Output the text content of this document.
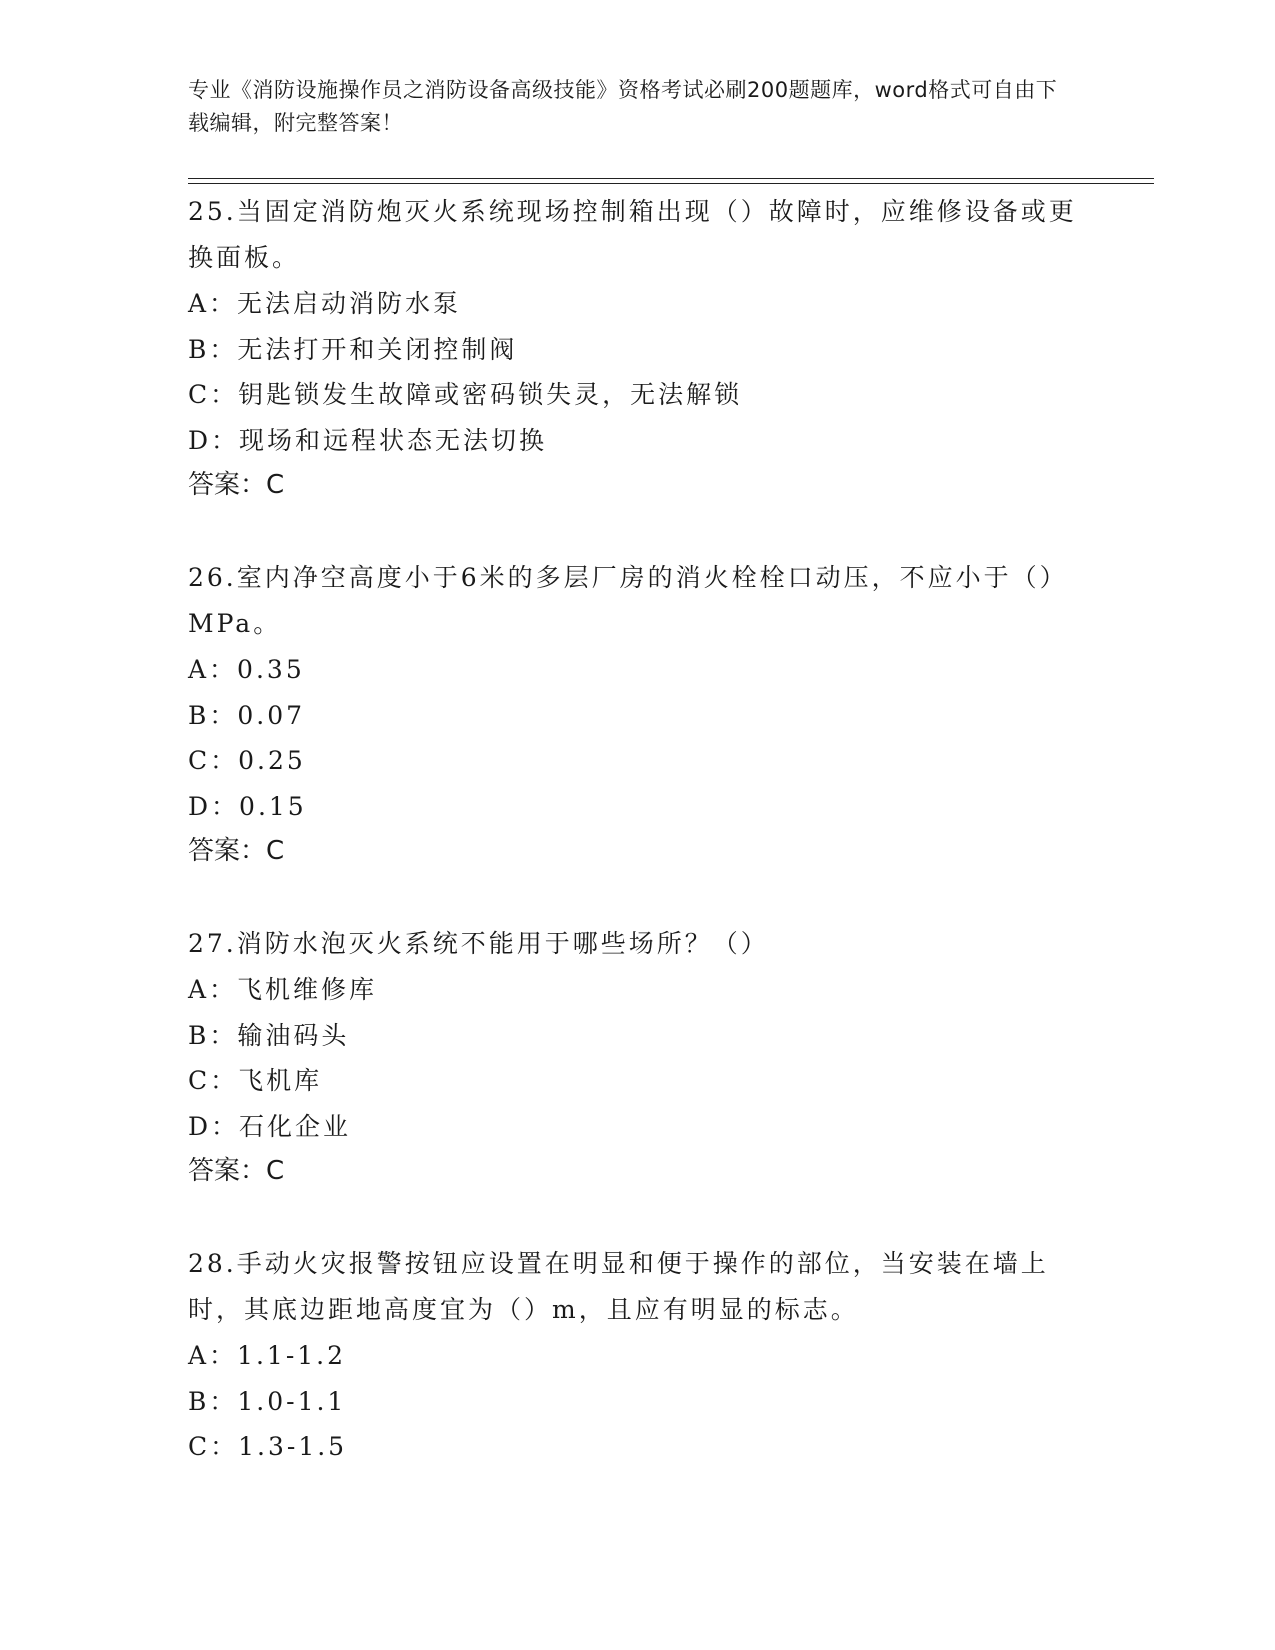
专业《消防设施操作员之消防设备高级技能》资格考试必刷200题题库，word格式可自由下载编辑，附完整答案！

25.当固定消防炮灭火系统现场控制箱出现（）故障时，应维修设备或更换面板。

A：无法启动消防水泵

B：无法打开和关闭控制阀

C：钥匙锁发生故障或密码锁失灵，无法解锁

D：现场和远程状态无法切换

答案：C

26.室内净空高度小于6米的多层厂房的消火栓栓口动压，不应小于（）MPa。

A：0.35

B：0.07

C：0.25

D：0.15

答案：C

27.消防水泡灭火系统不能用于哪些场所？（）

A：飞机维修库

B：输油码头

C：飞机库

D：石化企业

答案：C

28.手动火灾报警按钮应设置在明显和便于操作的部位，当安装在墙上时，其底边距地高度宜为（）m，且应有明显的标志。

A：1.1-1.2

B：1.0-1.1

C：1.3-1.5
